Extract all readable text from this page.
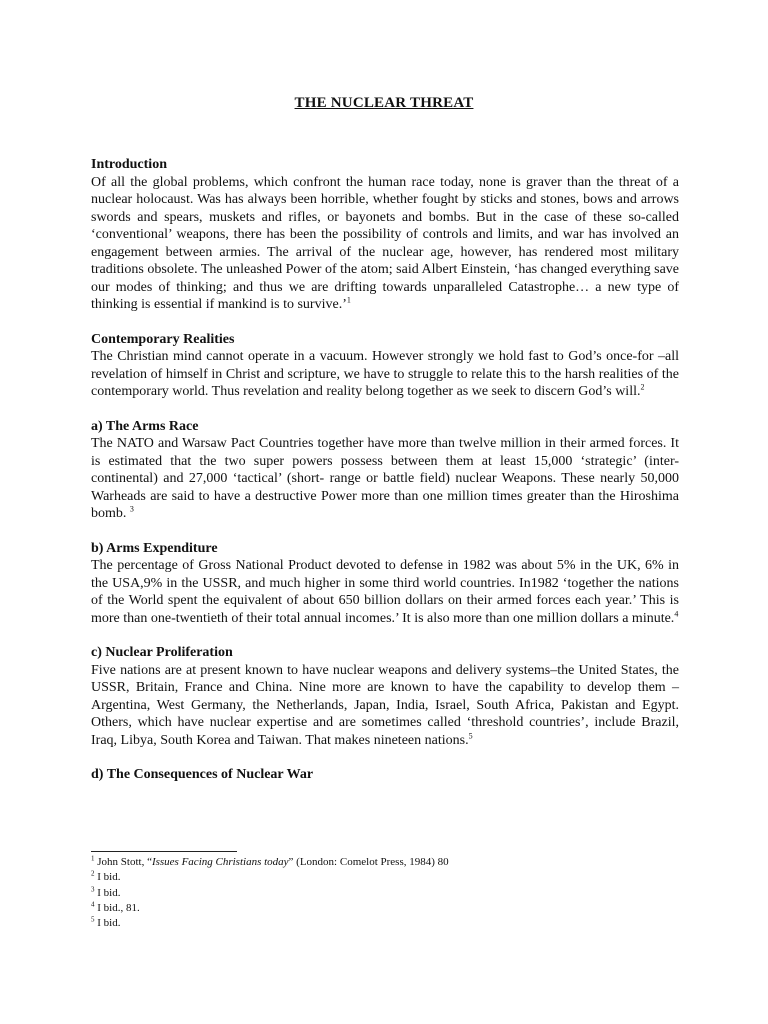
THE NUCLEAR THREAT
Introduction
Of all the global problems, which confront the human race today, none is graver than the threat of a nuclear holocaust. Was has always been horrible, whether fought by sticks and stones, bows and arrows swords and spears, muskets and rifles, or bayonets and bombs. But in the case of these so-called ‘conventional’ weapons, there has been the possibility of controls and limits, and war has involved an engagement between armies. The arrival of the nuclear age, however, has rendered most military traditions obsolete. The unleashed Power of the atom; said Albert Einstein, ‘has changed everything save our modes of thinking; and thus we are drifting towards unparalleled Catastrophe… a new type of thinking is essential if mankind is to survive.’$^1$
Contemporary Realities
The Christian mind cannot operate in a vacuum. However strongly we hold fast to God’s once-for –all revelation of himself in Christ and scripture, we have to struggle to relate this to the harsh realities of the contemporary world. Thus revelation and reality belong together as we seek to discern God’s will.$^2$
a) The Arms Race
The NATO and Warsaw Pact Countries together have more than twelve million in their armed forces. It is estimated that the two super powers possess between them at least 15,000 ‘strategic’ (inter-continental) and 27,000 ‘tactical’ (short- range or battle field) nuclear Weapons. These nearly 50,000 Warheads are said to have a destructive Power more than one million times greater than the Hiroshima bomb. $^3$
b) Arms Expenditure
The percentage of Gross National Product devoted to defense in 1982 was about 5% in the UK, 6% in the USA,9% in the USSR, and much higher in some third world countries. In1982 ‘together the nations of the World spent the equivalent of about 650 billion dollars on their armed forces each year.’ This is more than one-twentieth of their total annual incomes.’ It is also more than one million dollars a minute.$^4$
c) Nuclear Proliferation
Five nations are at present known to have nuclear weapons and delivery systems–the United States, the USSR, Britain, France and China. Nine more are known to have the capability to develop them – Argentina, West Germany, the Netherlands, Japan, India, Israel, South Africa, Pakistan and Egypt. Others, which have nuclear expertise and are sometimes called ‘threshold countries’, include Brazil, Iraq, Libya, South Korea and Taiwan. That makes nineteen nations.$^5$
d) The Consequences of Nuclear War
$^1$ John Stott, “Issues Facing Christians today” (London: Comelot Press, 1984) 80
$^2$ I bid.
$^3$ I bid.
$^4$ I bid., 81.
$^5$ I bid.
